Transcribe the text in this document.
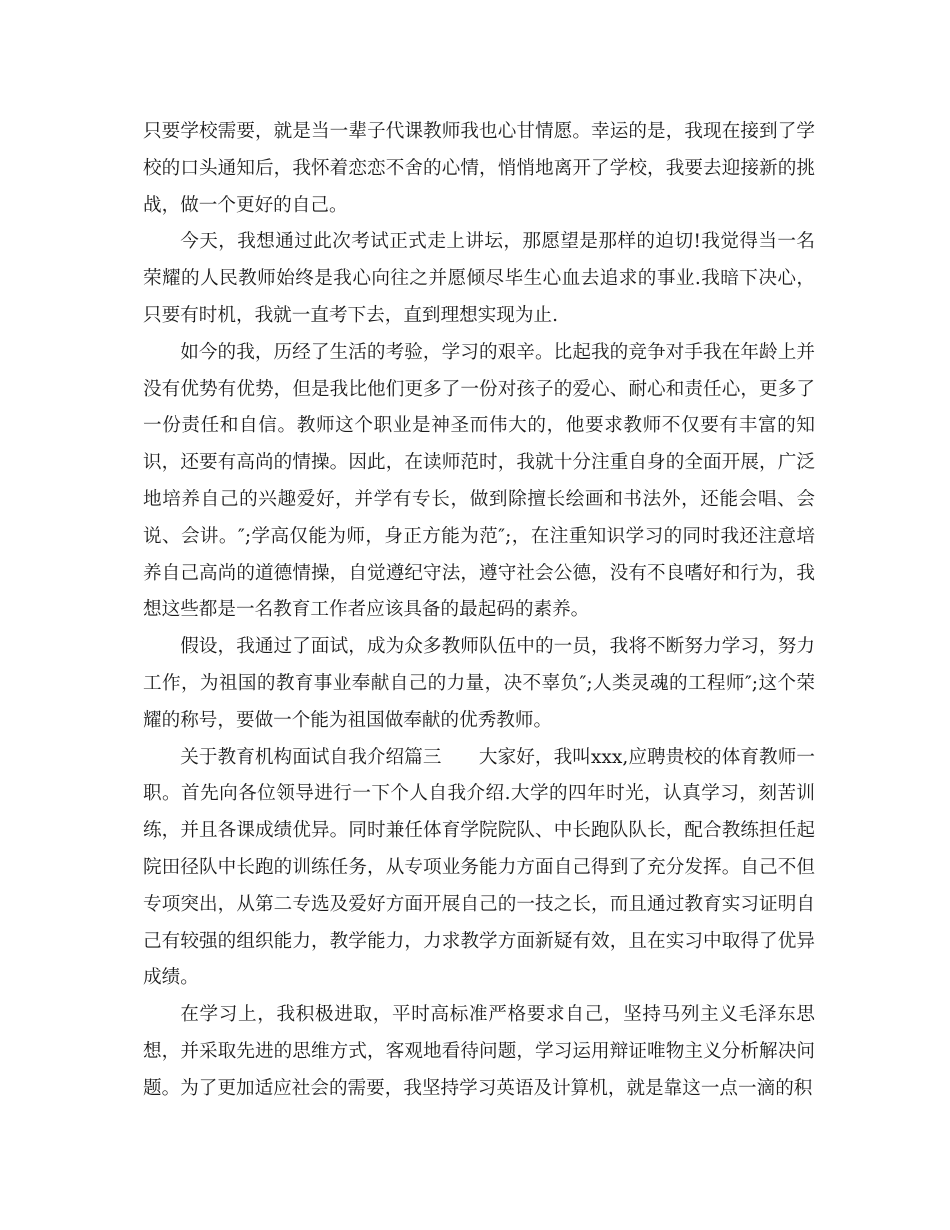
只要学校需要，就是当一辈子代课教师我也心甘情愿。幸运的是，我现在接到了学校的口头通知后，我怀着恋恋不舍的心情，悄悄地离开了学校，我要去迎接新的挑战，做一个更好的自己。

今天，我想通过此次考试正式走上讲坛，那愿望是那样的迫切!我觉得当一名荣耀的人民教师始终是我心向往之并愿倾尽毕生心血去追求的事业.我暗下决心，只要有时机，我就一直考下去，直到理想实现为止.

如今的我，历经了生活的考验，学习的艰辛。比起我的竞争对手我在年龄上并没有优势有优势，但是我比他们更多了一份对孩子的爱心、耐心和责任心，更多了一份责任和自信。教师这个职业是神圣而伟大的，他要求教师不仅要有丰富的知识，还要有高尚的情操。因此，在读师范时，我就十分注重自身的全面开展，广泛地培养自己的兴趣爱好，并学有专长，做到除擅长绘画和书法外，还能会唱、会说、会讲。″;学高仅能为师，身正方能为范″;，在注重知识学习的同时我还注意培养自己高尚的道德情操，自觉遵纪守法，遵守社会公德，没有不良嗜好和行为，我想这些都是一名教育工作者应该具备的最起码的素养。

假设，我通过了面试，成为众多教师队伍中的一员，我将不断努力学习，努力工作，为祖国的教育事业奉献自己的力量，决不辜负″;人类灵魂的工程师″;这个荣耀的称号，要做一个能为祖国做奉献的优秀教师。

关于教育机构面试自我介绍篇三　　大家好，我叫xxx,应聘贵校的体育教师一职。首先向各位领导进行一下个人自我介绍.大学的四年时光，认真学习，刻苦训练，并且各课成绩优异。同时兼任体育学院院队、中长跑队队长，配合教练担任起院田径队中长跑的训练任务，从专项业务能力方面自己得到了充分发挥。自己不但专项突出，从第二专选及爱好方面开展自己的一技之长，而且通过教育实习证明自己有较强的组织能力，教学能力，力求教学方面新疑有效，且在实习中取得了优异成绩。

在学习上，我积极进取，平时高标准严格要求自己，坚持马列主义毛泽东思想，并采取先进的思维方式，客观地看待问题，学习运用辩证唯物主义分析解决问题。为了更加适应社会的需要，我坚持学习英语及计算机，就是靠这一点一滴的积
